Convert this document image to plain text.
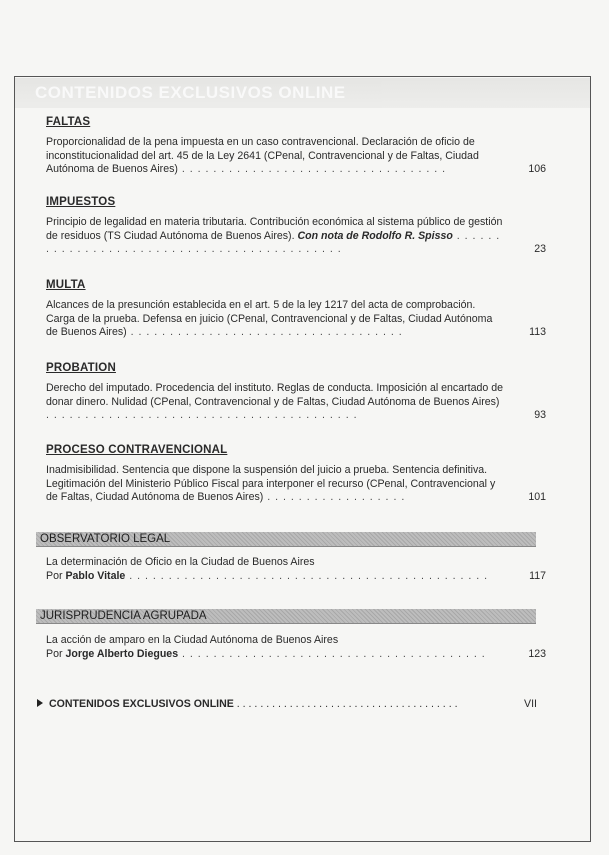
CONTENIDOS EXCLUSIVOS ONLINE
FALTAS
Proporcionalidad de la pena impuesta en un caso contravencional. Declaración de oficio de inconstitucionalidad del art. 45 de la Ley 2641 (CPenal, Contravencional y de Faltas, Ciudad Autónoma de Buenos Aires) . . . . . . . . . . . . . . . . . . . . . . . . . . . . . . . . . .	106
IMPUESTOS
Principio de legalidad en materia tributaria. Contribución económica al sistema público de gestión de residuos (TS Ciudad Autónoma de Buenos Aires). Con nota de Rodolfo R. Spisso . . . . . . . . . . . . . . . . . . . . . . . . . . . . . . . . . . . . . . . . . . . .	23
MULTA
Alcances de la presunción establecida en el art. 5 de la ley 1217 del acta de comprobación. Carga de la prueba. Defensa en juicio (CPenal, Contravencional y de Faltas, Ciudad Autónoma de Buenos Aires) . . . . . . . . . . . . . . . . . . . . . . . . . . . . . . . . . . .	113
PROBATION
Derecho del imputado. Procedencia del instituto. Reglas de conducta. Imposición al encartado de donar dinero. Nulidad (CPenal, Contravencional y de Faltas, Ciudad Autónoma de Buenos Aires) . . . . . . . . . . . . . . . . . . . . . . . . . . . . . . . . . . . . . . . .	93
PROCESO CONTRAVENCIONAL
Inadmisibilidad. Sentencia que dispone la suspensión del juicio a prueba. Sentencia definitiva. Legitimación del Ministerio Público Fiscal para interponer el recurso (CPenal, Contravencional y de Faltas, Ciudad Autónoma de Buenos Aires) . . . . . . . . . . . . . . . . . .	101
OBSERVATORIO LEGAL
La determinación de Oficio en la Ciudad de Buenos Aires
Por Pablo Vitale . . . . . . . . . . . . . . . . . . . . . . . . . . . . . . . . . . . . . . . . . . . . . .	117
JURISPRUDENCIA AGRUPADA
La acción de amparo en la Ciudad Autónoma de Buenos Aires
Por Jorge Alberto Diegues . . . . . . . . . . . . . . . . . . . . . . . . . . . . . . . . . . . . . . .	123
CONTENIDOS EXCLUSIVOS ONLINE . . . . . . . . . . . . . . . . . . . . . . . . . . . . . . . . . . . . . .	VII
